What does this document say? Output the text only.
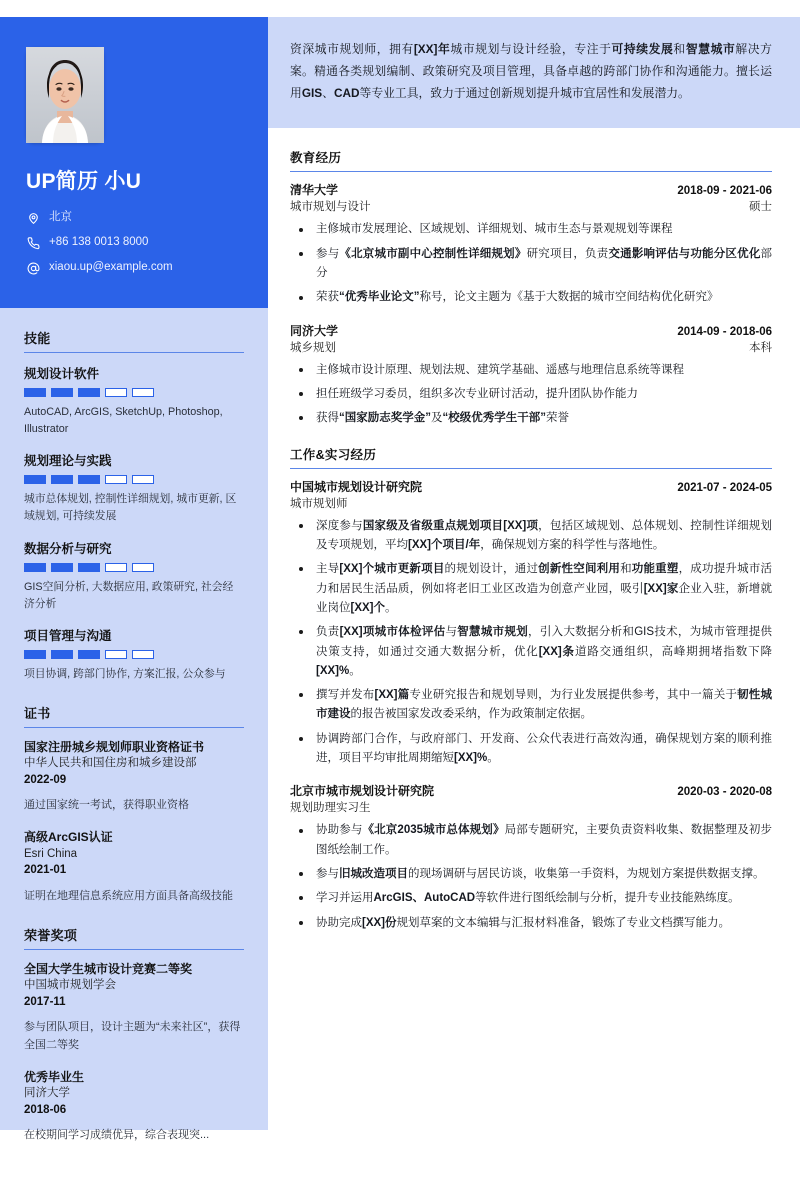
UP简历 小U
北京
+86 138 0013 8000
xiaou.up@example.com
技能
规划设计软件
AutoCAD, ArcGIS, SketchUp, Photoshop, Illustrator
规划理论与实践
城市总体规划, 控制性详细规划, 城市更新, 区域规划, 可持续发展
数据分析与研究
GIS空间分析, 大数据应用, 政策研究, 社会经济分析
项目管理与沟通
项目协调, 跨部门协作, 方案汇报, 公众参与
证书
国家注册城乡规划师职业资格证书
中华人民共和国住房和城乡建设部
2022-09
通过国家统一考试，获得职业资格
高级ArcGIS认证
Esri China
2021-01
证明在地理信息系统应用方面具备高级技能
荣誉奖项
全国大学生城市设计竞赛二等奖
中国城市规划学会
2017-11
参与团队项目，设计主题为“未来社区”，获得全国二等奖
优秀毕业生
同济大学
2018-06
在校期间学习成绩优异，综合表现突...

资深城市规划师，拥有[XX]年城市规划与设计经验，专注于可持续发展和智慧城市解决方案。精通各类规划编制、政策研究及项目管理，具备卓越的跨部门协作和沟通能力。擅长运用GIS、CAD等专业工具，致力于通过创新规划提升城市宜居性和发展潜力。

教育经历
清华大学	2018-09 - 2021-06
城市规划与设计	硕士
主修城市发展理论、区域规划、详细规划、城市生态与景观规划等课程
参与《北京城市副中心控制性详细规划》研究项目，负责交通影响评估与功能分区优化部分
荣获“优秀毕业论文”称号，论文主题为《基于大数据的城市空间结构优化研究》
同济大学	2014-09 - 2018-06
城乡规划	本科
主修城市设计原理、规划法规、建筑学基础、遥感与地理信息系统等课程
担任班级学习委员，组织多次专业研讨活动，提升团队协作能力
获得“国家励志奖学金”及“校级优秀学生干部”荣誉
工作&实习经历
中国城市规划设计研究院	2021-07 - 2024-05
城市规划师
深度参与国家级及省级重点规划项目[XX]项，包括区域规划、总体规划、控制性详细规划及专项规划，平均[XX]个项目/年，确保规划方案的科学性与落地性。
主导[XX]个城市更新项目的规划设计，通过创新性空间利用和功能重塑，成功提升城市活力和居民生活品质，例如将老旧工业区改造为创意产业园，吸引[XX]家企业入驻，新增就业岗位[XX]个。
负责[XX]项城市体检评估与智慧城市规划，引入大数据分析和GIS技术，为城市管理提供决策支持，如通过交通大数据分析，优化[XX]条道路交通组织，高峰期拥堵指数下降[XX]%。
撰写并发布[XX]篇专业研究报告和规划导则，为行业发展提供参考，其中一篇关于韧性城市建设的报告被国家发改委采纳，作为政策制定依据。
协调跨部门合作，与政府部门、开发商、公众代表进行高效沟通，确保规划方案的顺利推进，项目平均审批周期缩短[XX]%。
北京市城市规划设计研究院	2020-03 - 2020-08
规划助理实习生
协助参与《北京2035城市总体规划》局部专题研究，主要负责资料收集、数据整理及初步图纸绘制工作。
参与旧城改造项目的现场调研与居民访谈，收集第一手资料，为规划方案提供数据支撑。
学习并运用ArcGIS、AutoCAD等软件进行图纸绘制与分析，提升专业技能熟练度。
协助完成[XX]份规划草案的文本编辑与汇报材料准备，锻炼了专业文档撰写能力。
